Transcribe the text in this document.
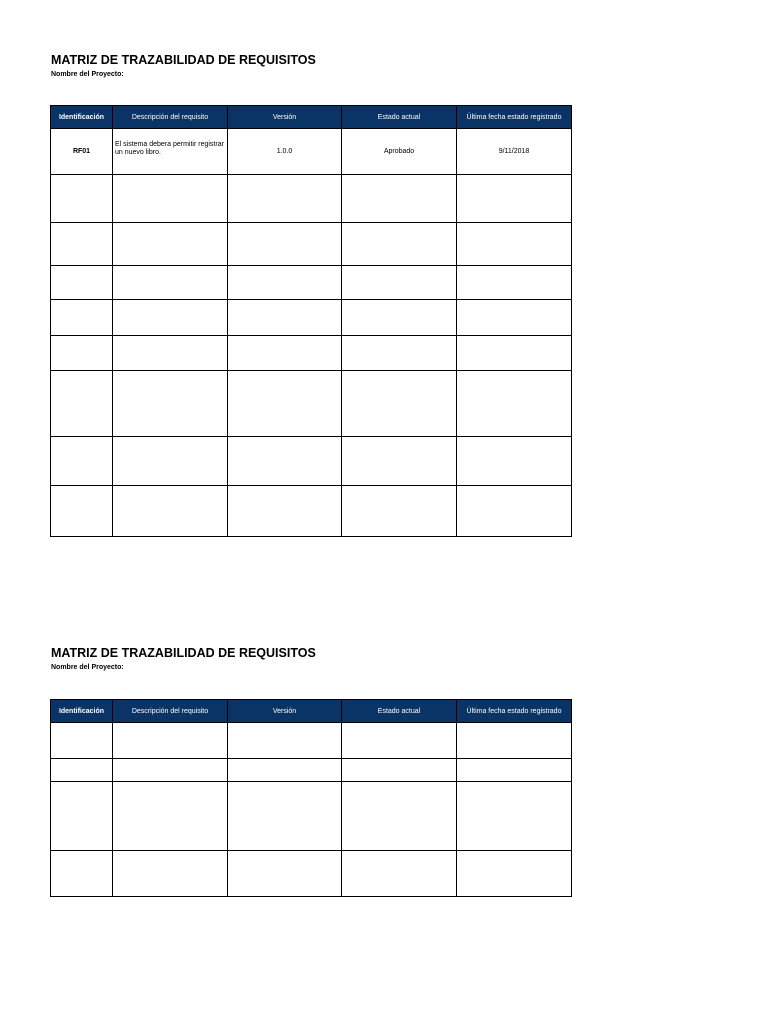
MATRIZ DE TRAZABILIDAD DE REQUISITOS
Nombre del Proyecto:
Identificación	Descripción del requisito	Versión	Estado actual	Última fecha estado registrado
RF01	El sistema debera permitir registrar un nuevo libro.	1.0.0	Aprobado	9/11/2018

MATRIZ DE TRAZABILIDAD DE REQUISITOS
Nombre del Proyecto:
Identificación	Descripción del requisito	Versión	Estado actual	Última fecha estado registrado
